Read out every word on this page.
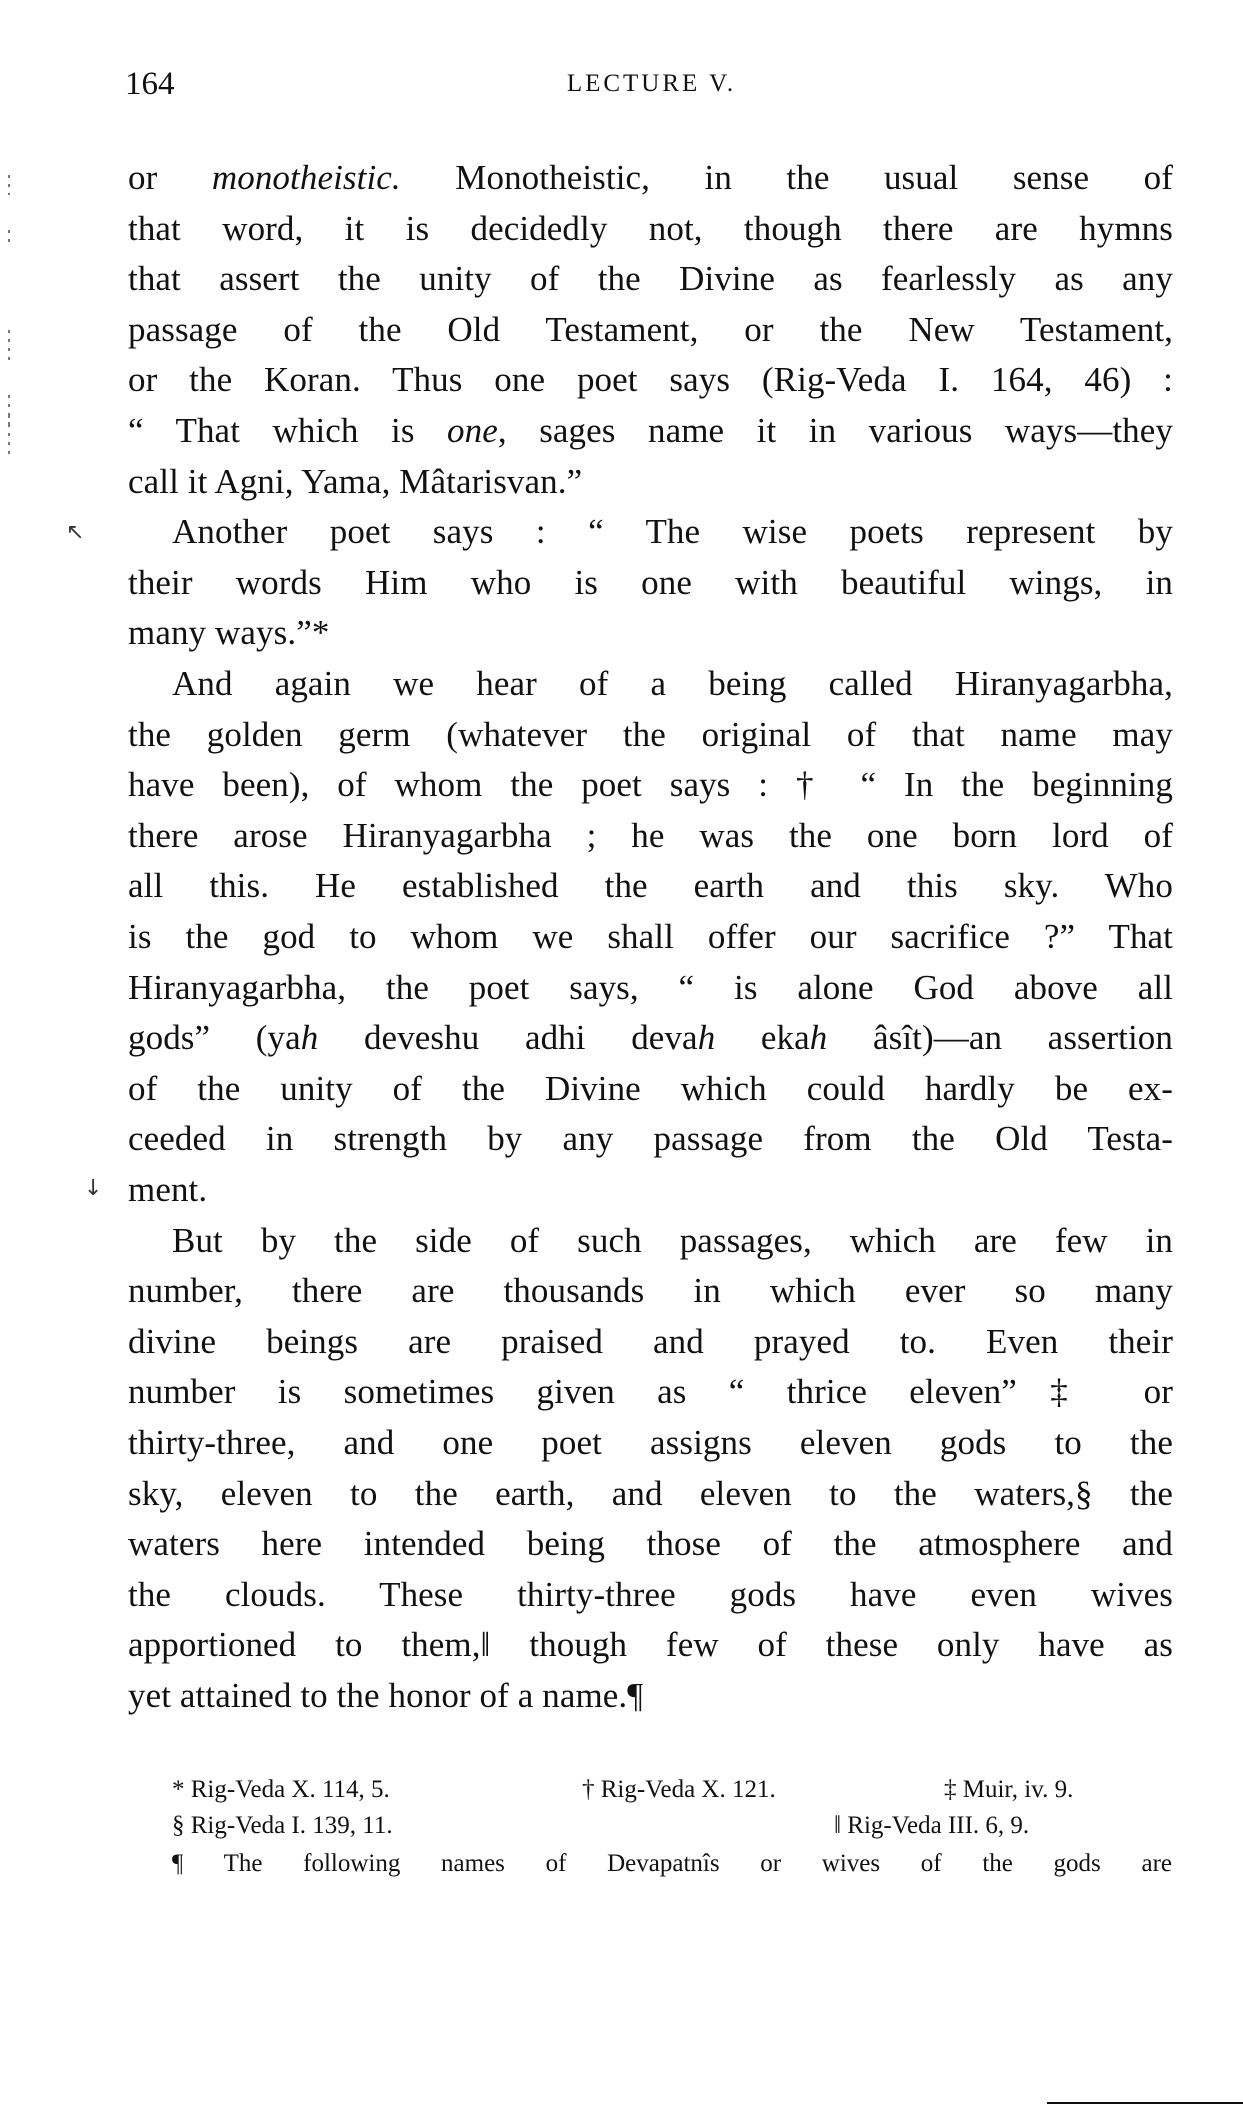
164	LECTURE V.
or monotheistic. Monotheistic, in the usual sense of
that word, it is decidedly not, though there are hymns
that assert the unity of the Divine as fearlessly as any
passage of the Old Testament, or the New Testament,
or the Koran. Thus one poet says (Rig-Veda I. 164, 46) :
“ That which is one, sages name it in various ways—they
call it Agni, Yama, Mâtarisvan.”
Another poet says : “ The wise poets represent by
their words Him who is one with beautiful wings, in
many ways.”*
And again we hear of a being called Hiranyagarbha,
the golden germ (whatever the original of that name may
have been), of whom the poet says : † “ In the beginning
there arose Hiranyagarbha ; he was the one born lord of
all this. He established the earth and this sky. Who
is the god to whom we shall offer our sacrifice ?” That
Hiranyagarbha, the poet says, “ is alone God above all
gods” (yah deveshu adhi devah ekah âsît)—an assertion
of the unity of the Divine which could hardly be ex-
ceeded in strength by any passage from the Old Testa-
ment.
But by the side of such passages, which are few in
number, there are thousands in which ever so many
divine beings are praised and prayed to. Even their
number is sometimes given as “ thrice eleven”‡ or
thirty-three, and one poet assigns eleven gods to the
sky, eleven to the earth, and eleven to the waters,§ the
waters here intended being those of the atmosphere and
the clouds. These thirty-three gods have even wives
apportioned to them,‖ though few of these only have as
yet attained to the honor of a name.¶
* Rig-Veda X. 114, 5.	† Rig-Veda X. 121.	‡ Muir, iv. 9.
§ Rig-Veda I. 139, 11.	‖ Rig-Veda III. 6, 9.
¶ The following names of Devapatnîs or wives of the gods are
↖
↓
